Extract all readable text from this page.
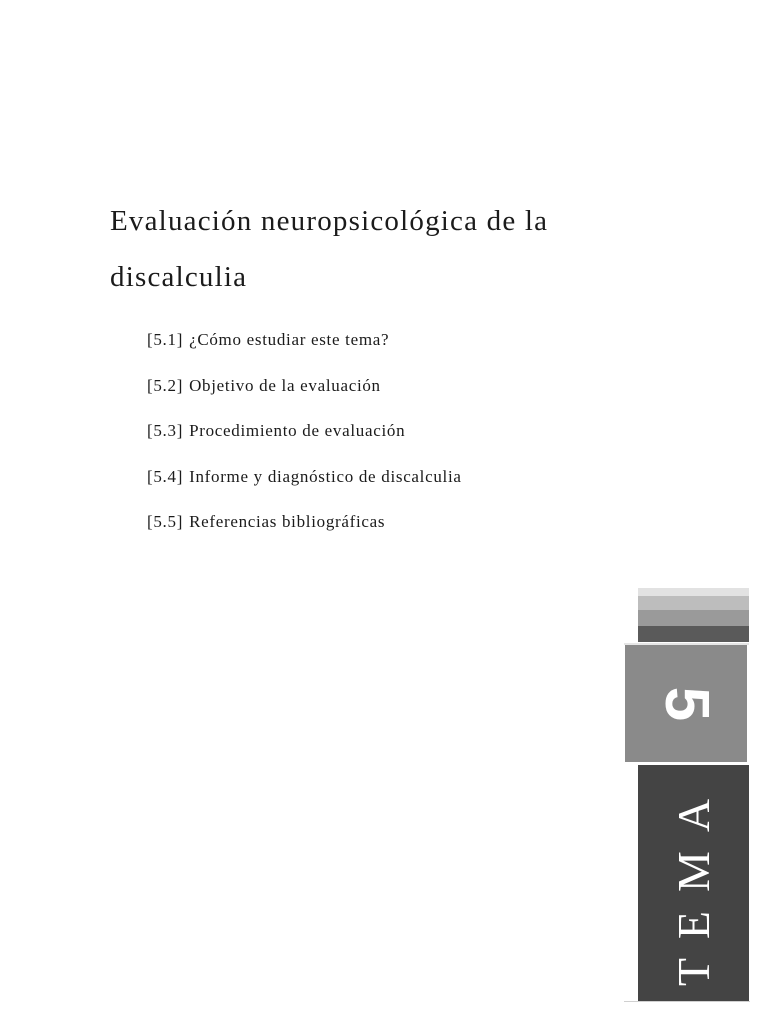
Evaluación neuropsicológica de la discalculia
[5.1] ¿Cómo estudiar este tema?
[5.2] Objetivo de la evaluación
[5.3] Procedimiento de evaluación
[5.4] Informe y diagnóstico de discalculia
[5.5] Referencias bibliográficas
5
TEMA
